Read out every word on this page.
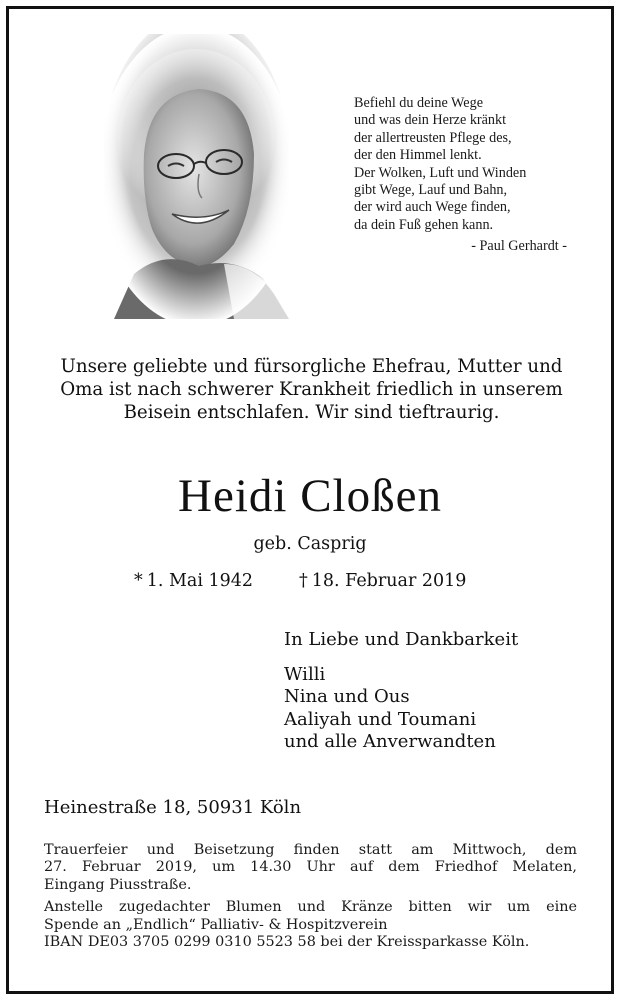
Befiehl du deine Wege
und was dein Herze kränkt
der allertreusten Pflege des,
der den Himmel lenkt.
Der Wolken, Luft und Winden
gibt Wege, Lauf und Bahn,
der wird auch Wege finden,
da dein Fuß gehen kann.
- Paul Gerhardt -
Unsere geliebte und fürsorgliche Ehefrau, Mutter und
Oma ist nach schwerer Krankheit friedlich in unserem
Beisein entschlafen. Wir sind tieftraurig.
Heidi Cloßen
geb. Casprig
* 1. Mai 1942	† 18. Februar 2019
In Liebe und Dankbarkeit
Willi
Nina und Ous
Aaliyah und Toumani
und alle Anverwandten
Heinestraße 18, 50931 Köln
Trauerfeier und Beisetzung finden statt am Mittwoch, dem
27. Februar 2019, um 14.30 Uhr auf dem Friedhof Melaten,
Eingang Piusstraße.
Anstelle zugedachter Blumen und Kränze bitten wir um eine
Spende an „Endlich“ Palliativ- & Hospitzverein
IBAN DE03 3705 0299 0310 5523 58 bei der Kreissparkasse Köln.
